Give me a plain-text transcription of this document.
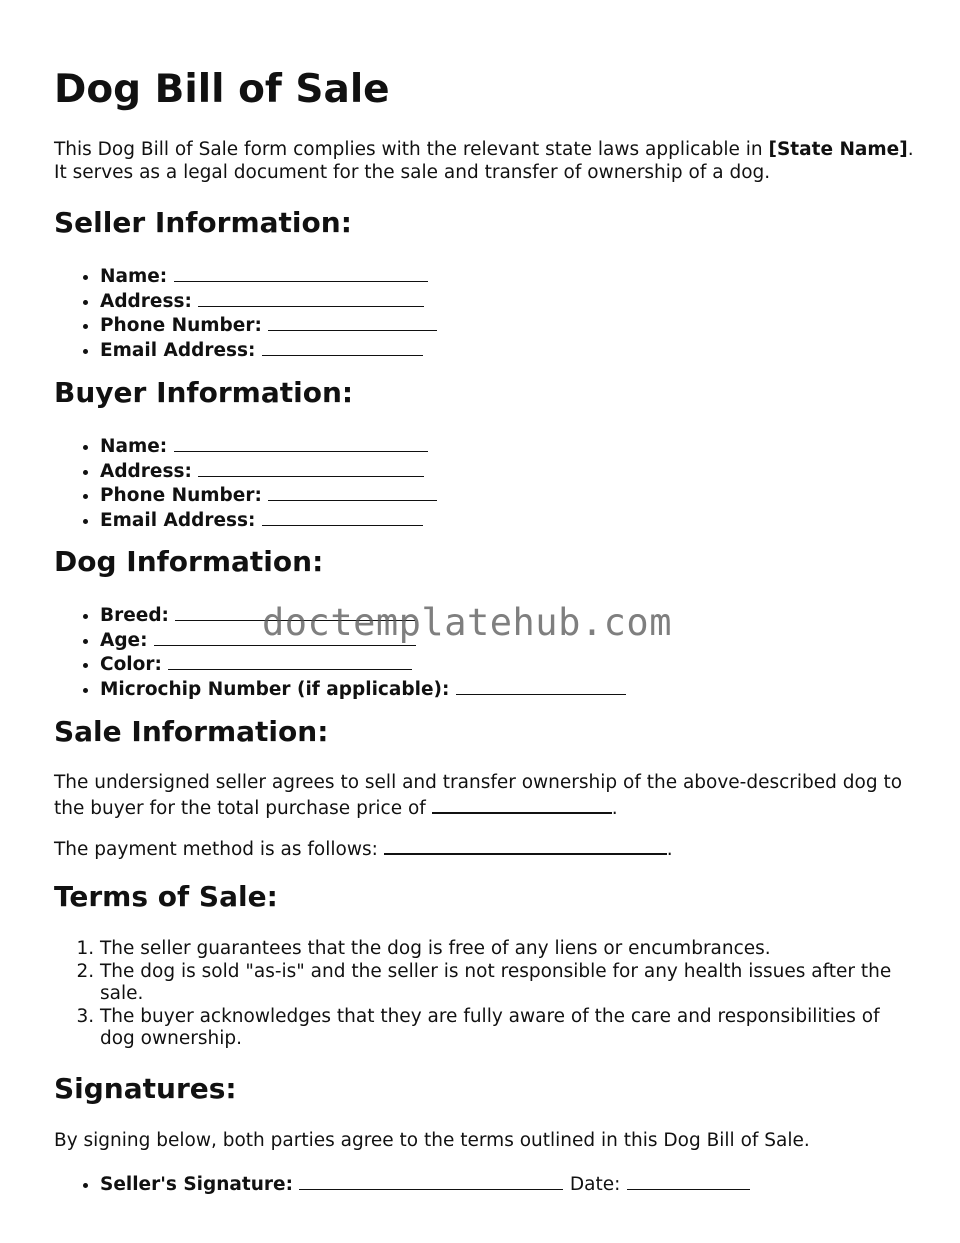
Dog Bill of Sale

This Dog Bill of Sale form complies with the relevant state laws applicable in [State Name]. It serves as a legal document for the sale and transfer of ownership of a dog.

Seller Information:
• Name:
• Address:
• Phone Number:
• Email Address:
Buyer Information:
• Name:
• Address:
• Phone Number:
• Email Address:
Dog Information:
• Breed:
• Age:
• Color:
• Microchip Number (if applicable):
Sale Information:

The undersigned seller agrees to sell and transfer ownership of the above-described dog to the buyer for the total purchase price of	.

The payment method is as follows:	.

Terms of Sale:
1. The seller guarantees that the dog is free of any liens or encumbrances.
2. The dog is sold "as-is" and the seller is not responsible for any health issues after the sale.
3. The buyer acknowledges that they are fully aware of the care and responsibilities of dog ownership.
Signatures:

By signing below, both parties agree to the terms outlined in this Dog Bill of Sale.

• Seller's Signature:	Date:
doctemplatehub.com
